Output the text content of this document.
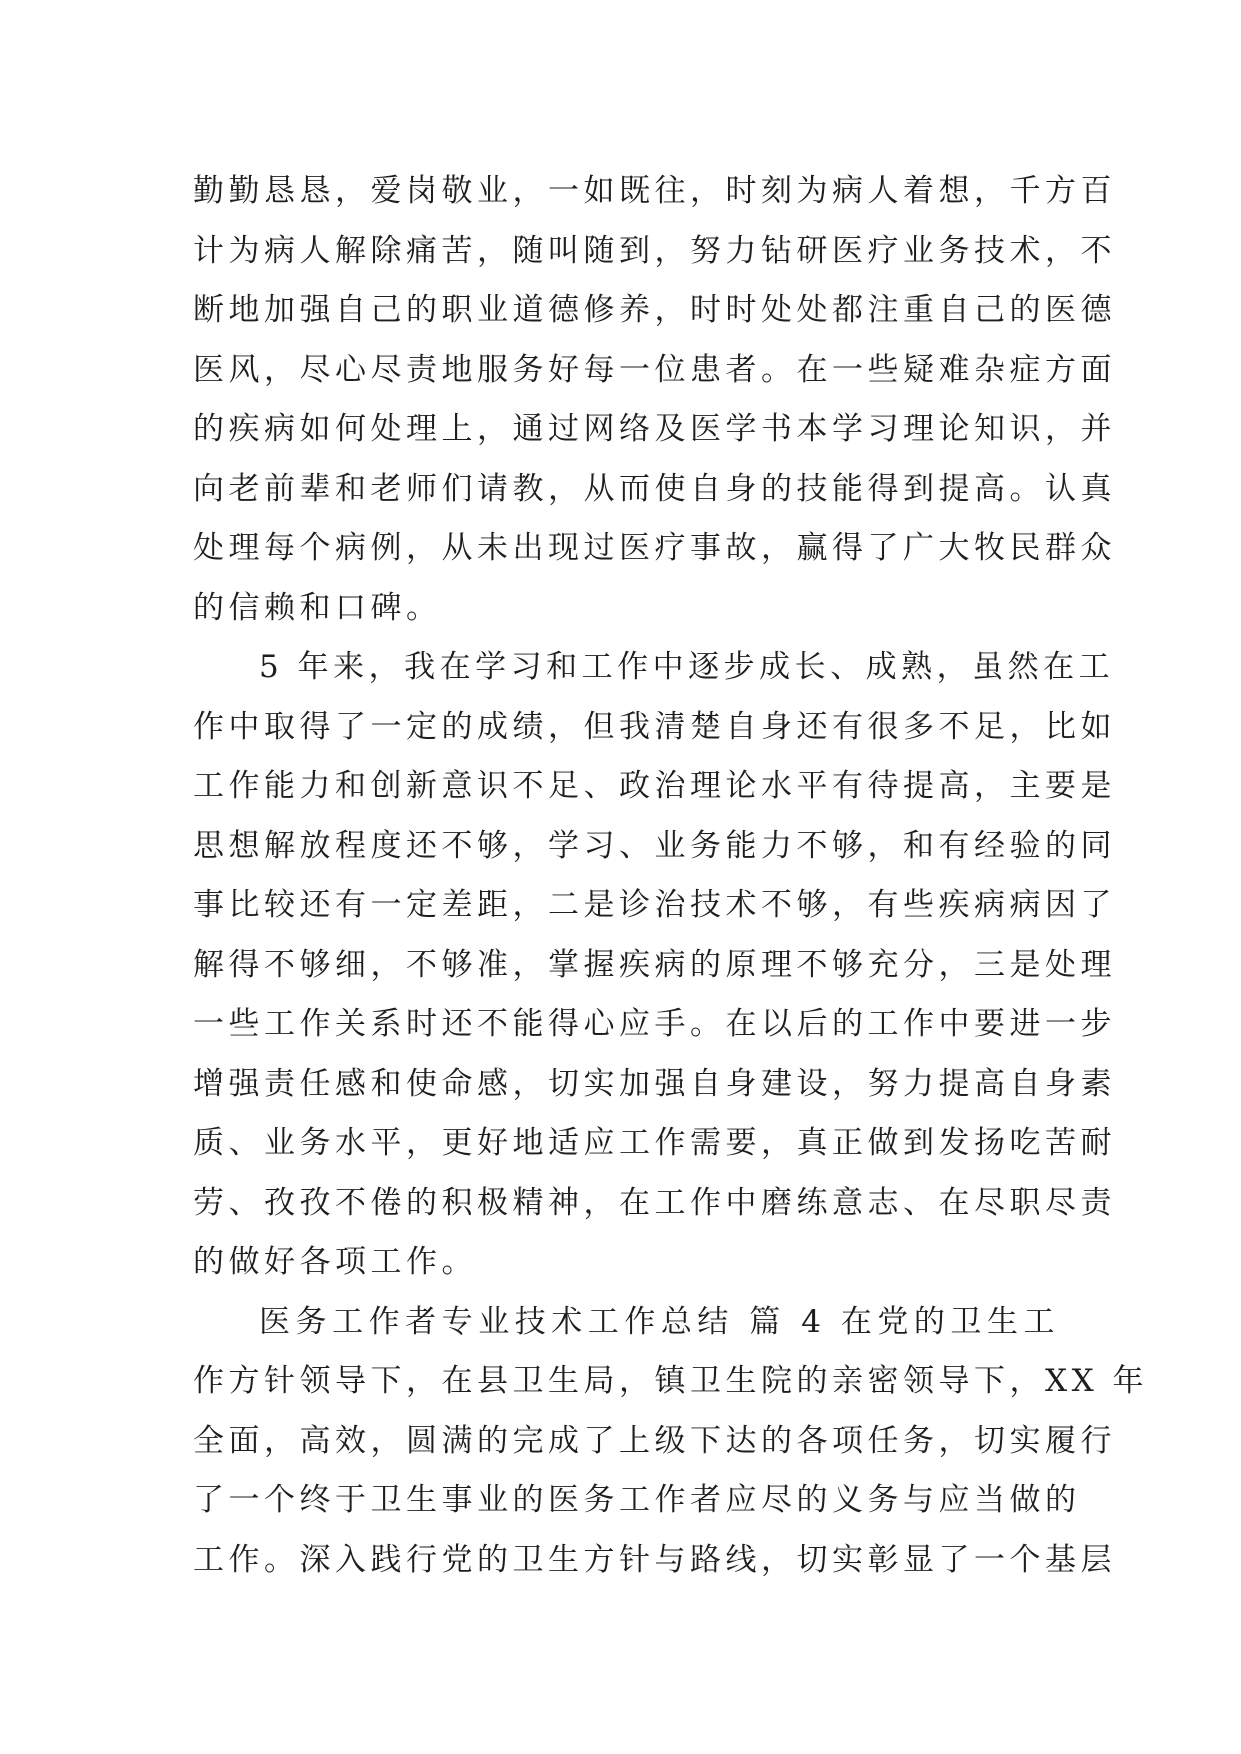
勤勤恳恳，爱岗敬业，一如既往，时刻为病人着想，千方百
计为病人解除痛苦，随叫随到，努力钻研医疗业务技术，不
断地加强自己的职业道德修养，时时处处都注重自己的医德
医风，尽心尽责地服务好每一位患者。在一些疑难杂症方面
的疾病如何处理上，通过网络及医学书本学习理论知识，并
向老前辈和老师们请教，从而使自身的技能得到提高。认真
处理每个病例，从未出现过医疗事故，赢得了广大牧民群众
的信赖和口碑。
5 年来，我在学习和工作中逐步成长、成熟，虽然在工
作中取得了一定的成绩，但我清楚自身还有很多不足，比如
工作能力和创新意识不足、政治理论水平有待提高，主要是
思想解放程度还不够，学习、业务能力不够，和有经验的同
事比较还有一定差距，二是诊治技术不够，有些疾病病因了
解得不够细，不够准，掌握疾病的原理不够充分，三是处理
一些工作关系时还不能得心应手。在以后的工作中要进一步
增强责任感和使命感，切实加强自身建设，努力提高自身素
质、业务水平，更好地适应工作需要，真正做到发扬吃苦耐
劳、孜孜不倦的积极精神，在工作中磨练意志、在尽职尽责
的做好各项工作。
医务工作者专业技术工作总结 篇 4 在党的卫生工
作方针领导下，在县卫生局，镇卫生院的亲密领导下，XX 年
全面，高效，圆满的完成了上级下达的各项任务，切实履行
了一个终于卫生事业的医务工作者应尽的义务与应当做的
工作。深入践行党的卫生方针与路线，切实彰显了一个基层
